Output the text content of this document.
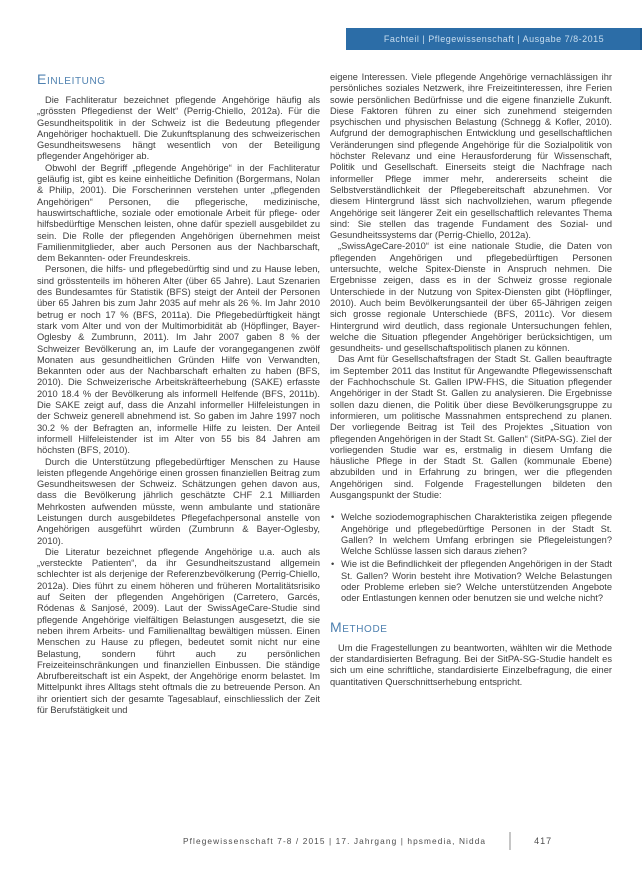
Fachteil | Pflegewissenschaft | Ausgabe 7/8-2015
Einleitung

Die Fachliteratur bezeichnet pflegende Angehörige häufig als „grössten Pflegedienst der Welt“ (Perrig-Chiello, 2012a). Für die Gesundheitspolitik in der Schweiz ist die Bedeutung pflegender Angehöriger hochaktuell. Die Zukunftsplanung des schweizerischen Gesundheitswesens hängt wesentlich von der Beteiligung pflegender Angehöriger ab.

Obwohl der Begriff „pflegende Angehörige“ in der Fachliteratur geläufig ist, gibt es keine einheitliche Definition (Borgermans, Nolan & Philip, 2001). Die Forscherinnen verstehen unter „pflegenden Angehörigen“ Personen, die pflegerische, medizinische, hauswirtschaftliche, soziale oder emotionale Arbeit für pflege- oder hilfsbedürftige Menschen leisten, ohne dafür speziell ausgebildet zu sein. Die Rolle der pflegenden Angehörigen übernehmen meist Familienmitglieder, aber auch Personen aus der Nachbarschaft, dem Bekannten- oder Freundeskreis.

Personen, die hilfs- und pflegebedürftig sind und zu Hause leben, sind grösstenteils im höheren Alter (über 65 Jahre). Laut Szenarien des Bundesamtes für Statistik (BFS) steigt der Anteil der Personen über 65 Jahren bis zum Jahr 2035 auf mehr als 26 %. Im Jahr 2010 betrug er noch 17 % (BFS, 2011a). Die Pflegebedürftigkeit hängt stark vom Alter und von der Multimorbidität ab (Höpflinger, Bayer-Oglesby & Zumbrunn, 2011). Im Jahr 2007 gaben 8 % der Schweizer Bevölkerung an, im Laufe der vorangegangenen zwölf Monaten aus gesundheitlichen Gründen Hilfe von Verwandten, Bekannten oder aus der Nachbarschaft erhalten zu haben (BFS, 2010). Die Schweizerische Arbeitskräfteerhebung (SAKE) erfasste 2010 18.4 % der Bevölkerung als informell Helfende (BFS, 2011b). Die SAKE zeigt auf, dass die Anzahl informeller Hilfeleistungen in der Schweiz generell abnehmend ist. So gaben im Jahre 1997 noch 30.2 % der Befragten an, informelle Hilfe zu leisten. Der Anteil informell Hilfeleistender ist im Alter von 55 bis 84 Jahren am höchsten (BFS, 2010).

Durch die Unterstützung pflegebedürftiger Menschen zu Hause leisten pflegende Angehörige einen grossen finanziellen Beitrag zum Gesundheitswesen der Schweiz. Schätzungen gehen davon aus, dass die Bevölkerung jährlich geschätzte CHF 2.1 Milliarden Mehrkosten aufwenden müsste, wenn ambulante und stationäre Leistungen durch ausgebildetes Pflegefachpersonal anstelle von Angehörigen ausgeführt würden (Zumbrunn & Bayer-Oglesby, 2010).

Die Literatur bezeichnet pflegende Angehörige u.a. auch als „versteckte Patienten“, da ihr Gesundheitszustand allgemein schlechter ist als derjenige der Referenzbevölkerung (Perrig-Chiello, 2012a). Dies führt zu einem höheren und früheren Mortalitätsrisiko auf Seiten der pflegenden Angehörigen (Carretero, Garcés, Ródenas & Sanjosé, 2009). Laut der SwissAgeCare-Studie sind pflegende Angehörige vielfältigen Belastungen ausgesetzt, die sie neben ihrem Arbeits- und Familienalltag bewältigen müssen. Einen Menschen zu Hause zu pflegen, bedeutet somit nicht nur eine Belastung, sondern führt auch zu persönlichen Freizeiteinschränkungen und finanziellen Einbussen. Die ständige Abrufbereitschaft ist ein Aspekt, der Angehörige enorm belastet. Im Mittelpunkt ihres Alltags steht oftmals die zu betreuende Person. An ihr orientiert sich der gesamte Tagesablauf, einschliesslich der Zeit für Berufstätigkeit und

eigene Interessen. Viele pflegende Angehörige vernachlässigen ihr persönliches soziales Netzwerk, ihre Freizeitinteressen, ihre Ferien sowie persönlichen Bedürfnisse und die eigene finanzielle Zukunft. Diese Faktoren führen zu einer sich zunehmend steigernden psychischen und physischen Belastung (Schnegg & Kofler, 2010). Aufgrund der demographischen Entwicklung und gesellschaftlichen Veränderungen sind pflegende Angehörige für die Sozialpolitik von höchster Relevanz und eine Herausforderung für Wissenschaft, Politik und Gesellschaft. Einerseits steigt die Nachfrage nach informeller Pflege immer mehr, andererseits scheint die Selbstverständlichkeit der Pflegebereitschaft abzunehmen. Vor diesem Hintergrund lässt sich nachvollziehen, warum pflegende Angehörige seit längerer Zeit ein gesellschaftlich relevantes Thema sind: Sie stellen das tragende Fundament des Sozial- und Gesundheitssystems dar (Perrig-Chiello, 2012a).

„SwissAgeCare-2010“ ist eine nationale Studie, die Daten von pflegenden Angehörigen und pflegebedürftigen Personen untersuchte, welche Spitex-Dienste in Anspruch nehmen. Die Ergebnisse zeigen, dass es in der Schweiz grosse regionale Unterschiede in der Nutzung von Spitex-Diensten gibt (Höpflinger, 2010). Auch beim Bevölkerungsanteil der über 65-Jährigen zeigen sich grosse regionale Unterschiede (BFS, 2011c). Vor diesem Hintergrund wird deutlich, dass regionale Untersuchungen fehlen, welche die Situation pflegender Angehöriger berücksichtigen, um gesundheits- und gesellschaftspolitisch planen zu können.

Das Amt für Gesellschaftsfragen der Stadt St. Gallen beauftragte im September 2011 das Institut für Angewandte Pflegewissenschaft der Fachhochschule St. Gallen IPW-FHS, die Situation pflegender Angehöriger in der Stadt St. Gallen zu analysieren. Die Ergebnisse sollen dazu dienen, die Politik über diese Bevölkerungsgruppe zu informieren, um politische Massnahmen entsprechend zu planen. Der vorliegende Beitrag ist Teil des Projektes „Situation von pflegenden Angehörigen in der Stadt St. Gallen“ (SitPA-SG). Ziel der vorliegenden Studie war es, erstmalig in diesem Umfang die häusliche Pflege in der Stadt St. Gallen (kommunale Ebene) abzubilden und in Erfahrung zu bringen, wer die pflegenden Angehörigen sind. Folgende Fragestellungen bildeten den Ausgangspunkt der Studie:

• Welche soziodemographischen Charakteristika zeigen pflegende Angehörige und pflegebedürftige Personen in der Stadt St. Gallen? In welchem Umfang erbringen sie Pflegeleistungen? Welche Schlüsse lassen sich daraus ziehen?
• Wie ist die Befindlichkeit der pflegenden Angehörigen in der Stadt St. Gallen? Worin besteht ihre Motivation? Welche Belastungen oder Probleme erleben sie? Welche unterstützenden Angebote oder Entlastungen kennen oder benutzen sie und welche nicht?
Methode

Um die Fragestellungen zu beantworten, wählten wir die Methode der standardisierten Befragung. Bei der SitPA-SG-Studie handelt es sich um eine schriftliche, standardisierte Einzelbefragung, die einer quantitativen Querschnittserhebung entspricht.

Pflegewissenschaft 7-8 / 2015 | 17. Jahrgang | hpsmedia, Nidda	417
